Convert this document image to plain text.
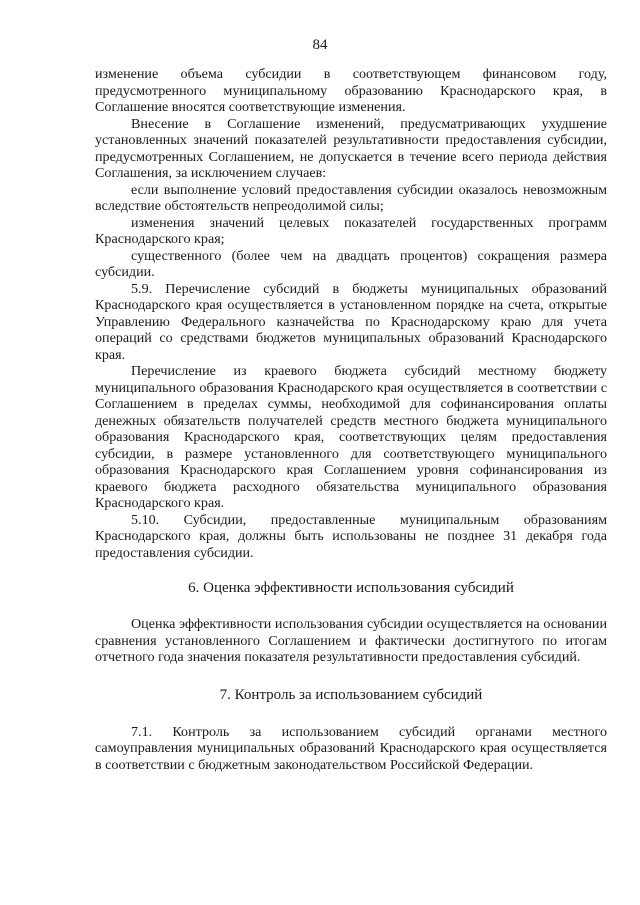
84

изменение объема субсидии в соответствующем финансовом году, предусмотренного муниципальному образованию Краснодарского края, в Соглашение вносятся соответствующие изменения.

Внесение в Соглашение изменений, предусматривающих ухудшение установленных значений показателей результативности предоставления субсидии, предусмотренных Соглашением, не допускается в течение всего периода действия Соглашения, за исключением случаев:

если выполнение условий предоставления субсидии оказалось невозможным вследствие обстоятельств непреодолимой силы;

изменения значений целевых показателей государственных программ Краснодарского края;

существенного (более чем на двадцать процентов) сокращения размера субсидии.

5.9. Перечисление субсидий в бюджеты муниципальных образований Краснодарского края осуществляется в установленном порядке на счета, открытые Управлению Федерального казначейства по Краснодарскому краю для учета операций со средствами бюджетов муниципальных образований Краснодарского края.

Перечисление из краевого бюджета субсидий местному бюджету муниципального образования Краснодарского края осуществляется в соответствии с Соглашением в пределах суммы, необходимой для софинансирования оплаты денежных обязательств получателей средств местного бюджета муниципального образования Краснодарского края, соответствующих целям предоставления субсидии, в размере установленного для соответствующего муниципального образования Краснодарского края Соглашением уровня софинансирования из краевого бюджета расходного обязательства муниципального образования Краснодарского края.

5.10. Субсидии, предоставленные муниципальным образованиям Краснодарского края, должны быть использованы не позднее 31 декабря года предоставления субсидии.

6. Оценка эффективности использования субсидий

Оценка эффективности использования субсидии осуществляется на основании сравнения установленного Соглашением и фактически достигнутого по итогам отчетного года значения показателя результативности предоставления субсидий.

7. Контроль за использованием субсидий

7.1. Контроль за использованием субсидий органами местного самоуправления муниципальных образований Краснодарского края осуществляется в соответствии с бюджетным законодательством Российской Федерации.
